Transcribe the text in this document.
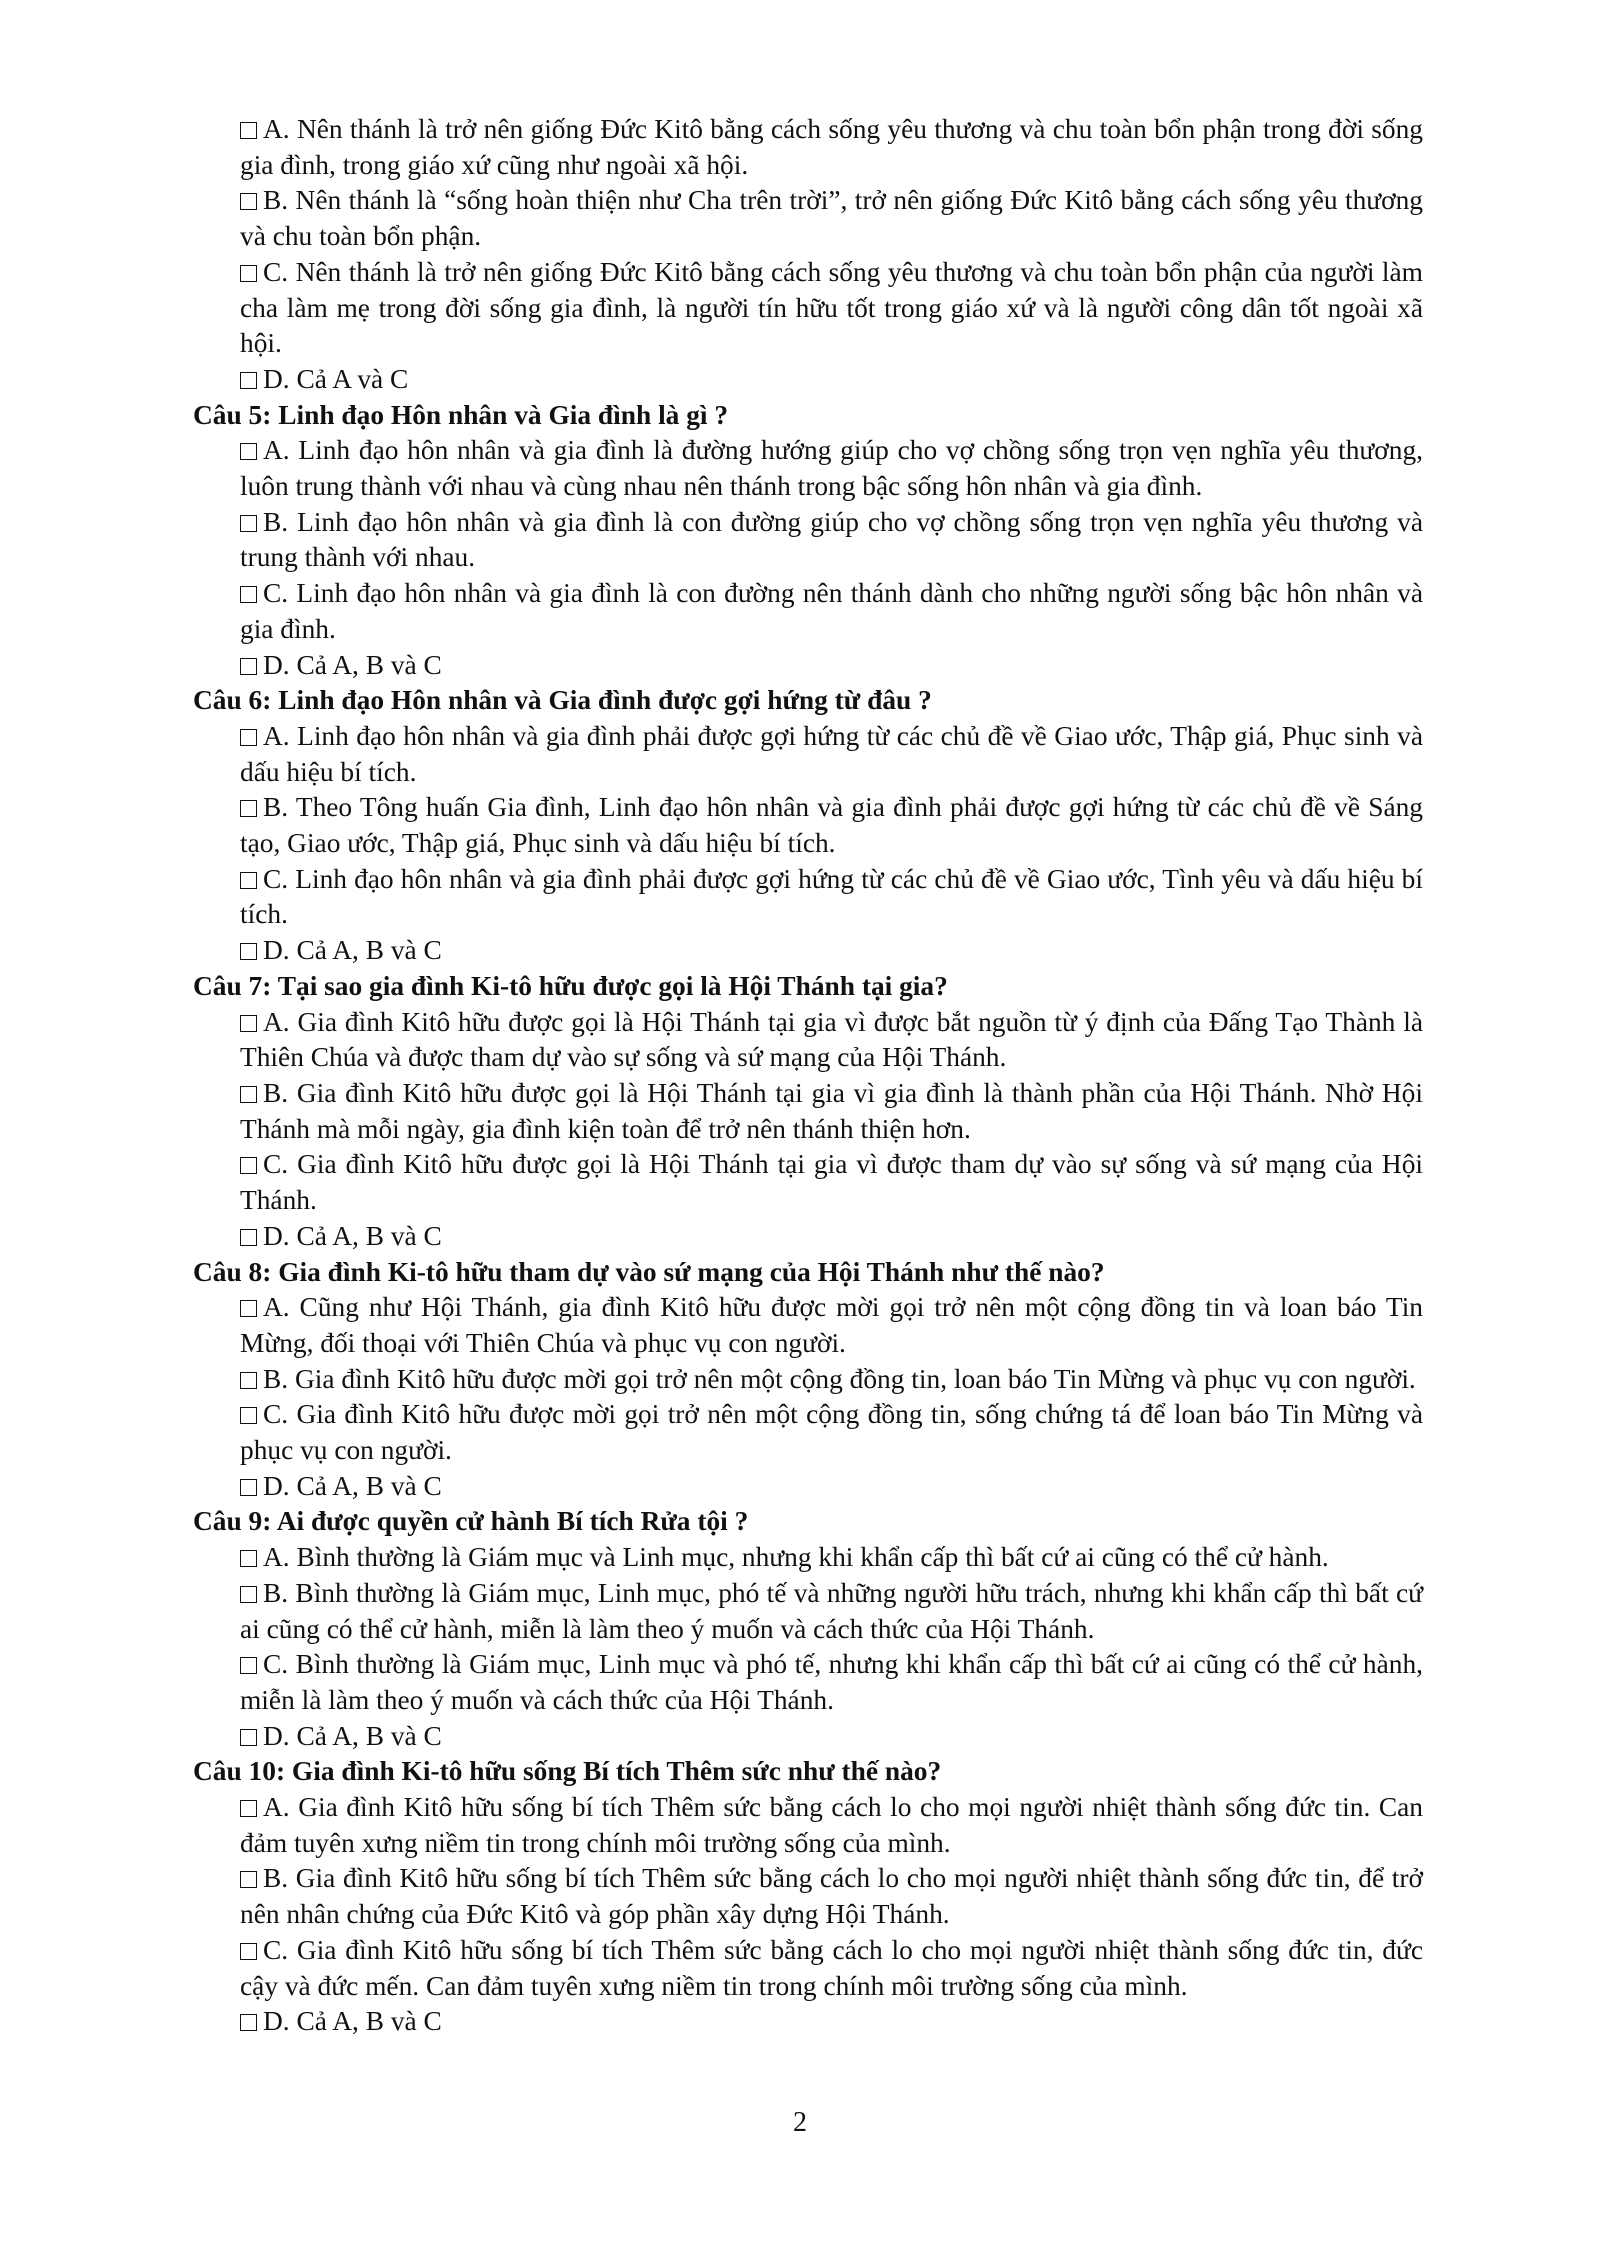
A. Nên thánh là trở nên giống Đức Kitô bằng cách sống yêu thương và chu toàn bổn phận trong đời sống gia đình, trong giáo xứ cũng như ngoài xã hội.

B. Nên thánh là “sống hoàn thiện như Cha trên trời”, trở nên giống Đức Kitô bằng cách sống yêu thương và chu toàn bổn phận.

C. Nên thánh là trở nên giống Đức Kitô bằng cách sống yêu thương và chu toàn bổn phận của người làm cha làm mẹ trong đời sống gia đình, là người tín hữu tốt trong giáo xứ và là người công dân tốt ngoài xã hội.

D. Cả A và C

Câu 5: Linh đạo Hôn nhân và Gia đình là gì ?

A. Linh đạo hôn nhân và gia đình là đường hướng giúp cho vợ chồng sống trọn vẹn nghĩa yêu thương, luôn trung thành với nhau và cùng nhau nên thánh trong bậc sống hôn nhân và gia đình.

B. Linh đạo hôn nhân và gia đình là con đường giúp cho vợ chồng sống trọn vẹn nghĩa yêu thương và trung thành với nhau.

C. Linh đạo hôn nhân và gia đình là con đường nên thánh dành cho những người sống bậc hôn nhân và gia đình.

D. Cả A, B và C

Câu 6: Linh đạo Hôn nhân và Gia đình được gợi hứng từ đâu ?

A. Linh đạo hôn nhân và gia đình phải được gợi hứng từ các chủ đề về Giao ước, Thập giá, Phục sinh và dấu hiệu bí tích.

B. Theo Tông huấn Gia đình, Linh đạo hôn nhân và gia đình phải được gợi hứng từ các chủ đề về Sáng tạo, Giao ước, Thập giá, Phục sinh và dấu hiệu bí tích.

C. Linh đạo hôn nhân và gia đình phải được gợi hứng từ các chủ đề về Giao ước, Tình yêu và dấu hiệu bí tích.

D. Cả A, B và C

Câu 7: Tại sao gia đình Ki-tô hữu được gọi là Hội Thánh tại gia?

A. Gia đình Kitô hữu được gọi là Hội Thánh tại gia vì được bắt nguồn từ ý định của Đấng Tạo Thành là Thiên Chúa và được tham dự vào sự sống và sứ mạng của Hội Thánh.

B. Gia đình Kitô hữu được gọi là Hội Thánh tại gia vì gia đình là thành phần của Hội Thánh. Nhờ Hội Thánh mà mỗi ngày, gia đình kiện toàn để trở nên thánh thiện hơn.

C. Gia đình Kitô hữu được gọi là Hội Thánh tại gia vì được tham dự vào sự sống và sứ mạng của Hội Thánh.

D. Cả A, B và C

Câu 8: Gia đình Ki-tô hữu tham dự vào sứ mạng của Hội Thánh như thế nào?

A. Cũng như Hội Thánh, gia đình Kitô hữu được mời gọi trở nên một cộng đồng tin và loan báo Tin Mừng, đối thoại với Thiên Chúa và phục vụ con người.

B. Gia đình Kitô hữu được mời gọi trở nên một cộng đồng tin, loan báo Tin Mừng và phục vụ con người.

C. Gia đình Kitô hữu được mời gọi trở nên một cộng đồng tin, sống chứng tá để loan báo Tin Mừng và phục vụ con người.

D. Cả A, B và C

Câu 9: Ai được quyền cử hành Bí tích Rửa tội ?

A. Bình thường là Giám mục và Linh mục, nhưng khi khẩn cấp thì bất cứ ai cũng có thể cử hành.

B. Bình thường là Giám mục, Linh mục, phó tế và những người hữu trách, nhưng khi khẩn cấp thì bất cứ ai cũng có thể cử hành, miễn là làm theo ý muốn và cách thức của Hội Thánh.

C. Bình thường là Giám mục, Linh mục và phó tế, nhưng khi khẩn cấp thì bất cứ ai cũng có thể cử hành, miễn là làm theo ý muốn và cách thức của Hội Thánh.

D. Cả A, B và C

Câu 10: Gia đình Ki-tô hữu sống Bí tích Thêm sức như thế nào?

A. Gia đình Kitô hữu sống bí tích Thêm sức bằng cách lo cho mọi người nhiệt thành sống đức tin. Can đảm tuyên xưng niềm tin trong chính môi trường sống của mình.

B. Gia đình Kitô hữu sống bí tích Thêm sức bằng cách lo cho mọi người nhiệt thành sống đức tin, để trở nên nhân chứng của Đức Kitô và góp phần xây dựng Hội Thánh.

C. Gia đình Kitô hữu sống bí tích Thêm sức bằng cách lo cho mọi người nhiệt thành sống đức tin, đức cậy và đức mến. Can đảm tuyên xưng niềm tin trong chính môi trường sống của mình.

D. Cả A, B và C

2
